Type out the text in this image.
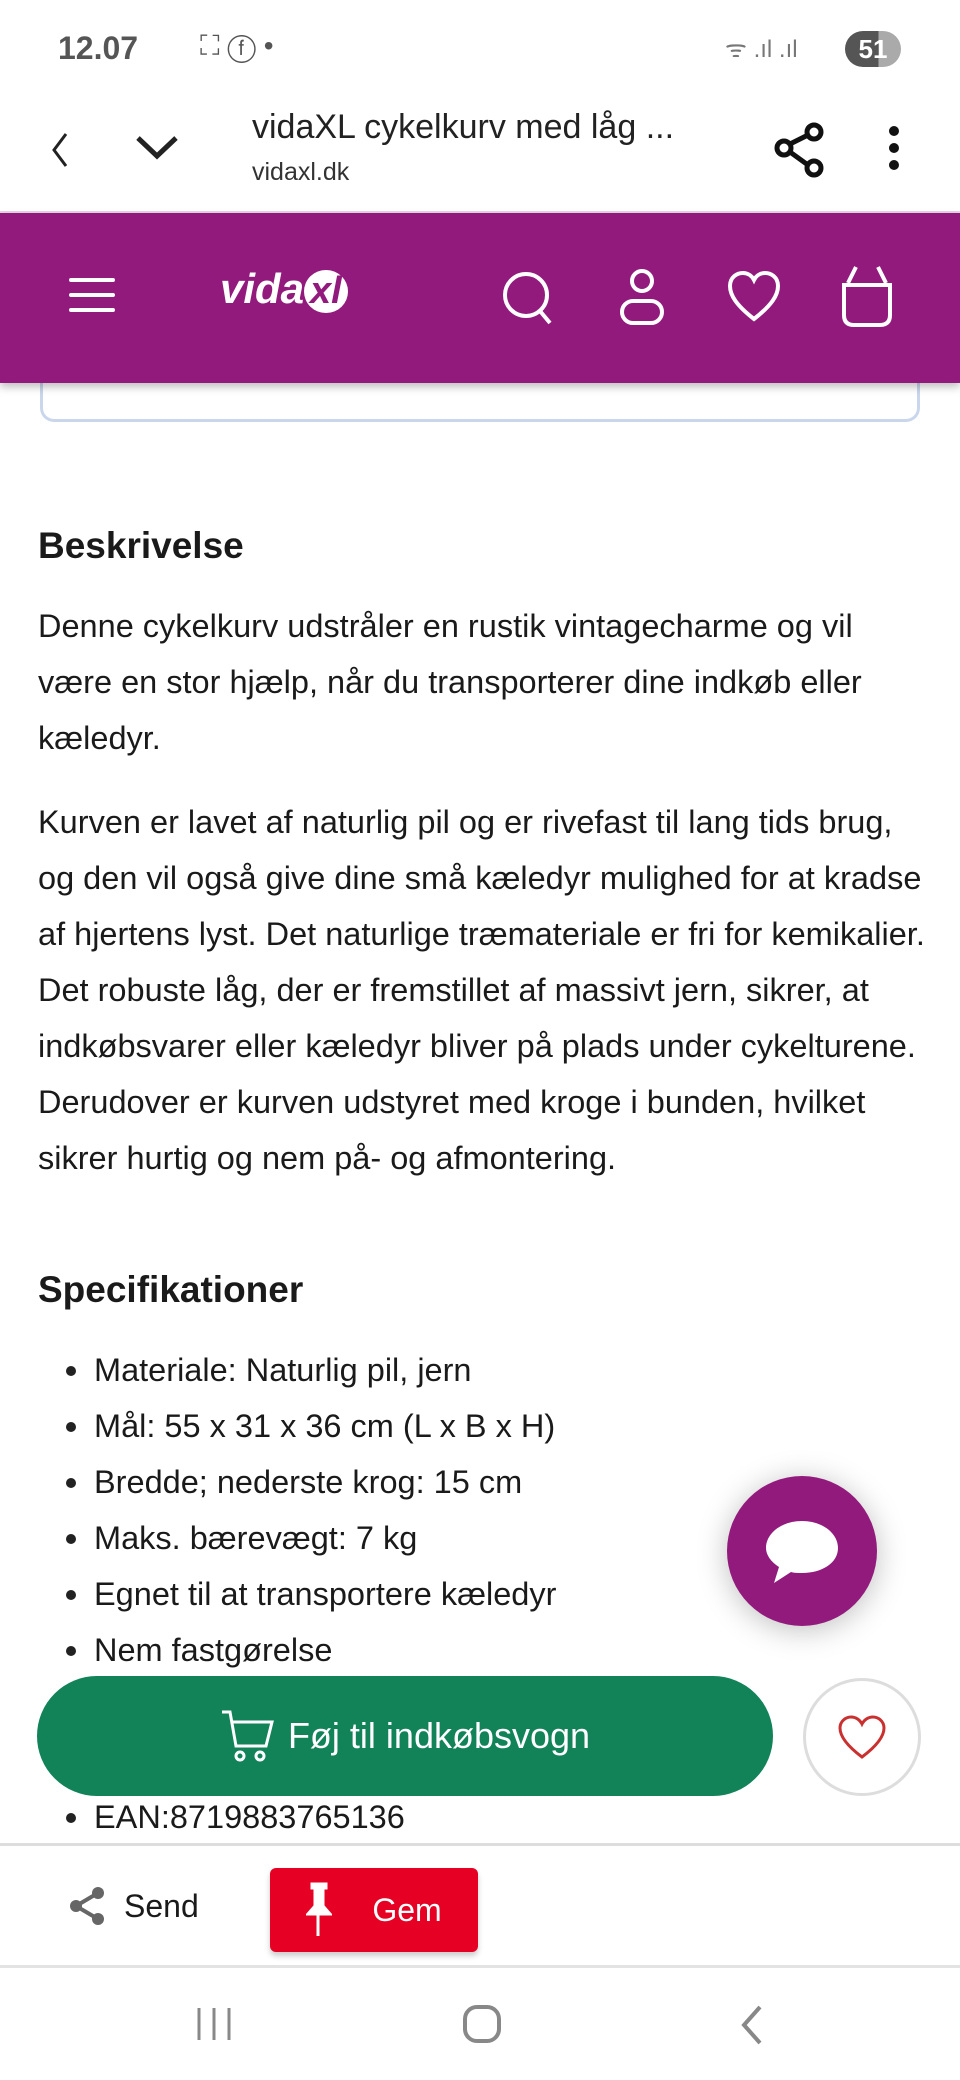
12.07 ⛶ ⓕ •	ᯤ .ıl .ıl	51
vidaXL cykelkurv med låg ...
vidaxl.dk
vida xl
Beskrivelse

Denne cykelkurv udstråler en rustik vintagecharme og vil være en stor hjælp, når du transporterer dine indkøb eller kæledyr.

Kurven er lavet af naturlig pil og er rivefast til lang tids brug, og den vil også give dine små kæledyr mulighed for at kradse af hjertens lyst. Det naturlige træmateriale er fri for kemikalier. Det robuste låg, der er fremstillet af massivt jern, sikrer, at indkøbsvarer eller kæledyr bliver på plads under cykelturene. Derudover er kurven udstyret med kroge i bunden, hvilket sikrer hurtig og nem på- og afmontering.

Specifikationer
Materiale: Naturlig pil, jern
Mål: 55 x 31 x 36 cm (L x B x H)
Bredde; nederste krog: 15 cm
Maks. bærevægt: 7 kg
Egnet til at transportere kæledyr
Nem fastgørelse
EAN:8719883765136
Føj til indkøbsvogn
Send	Gem
